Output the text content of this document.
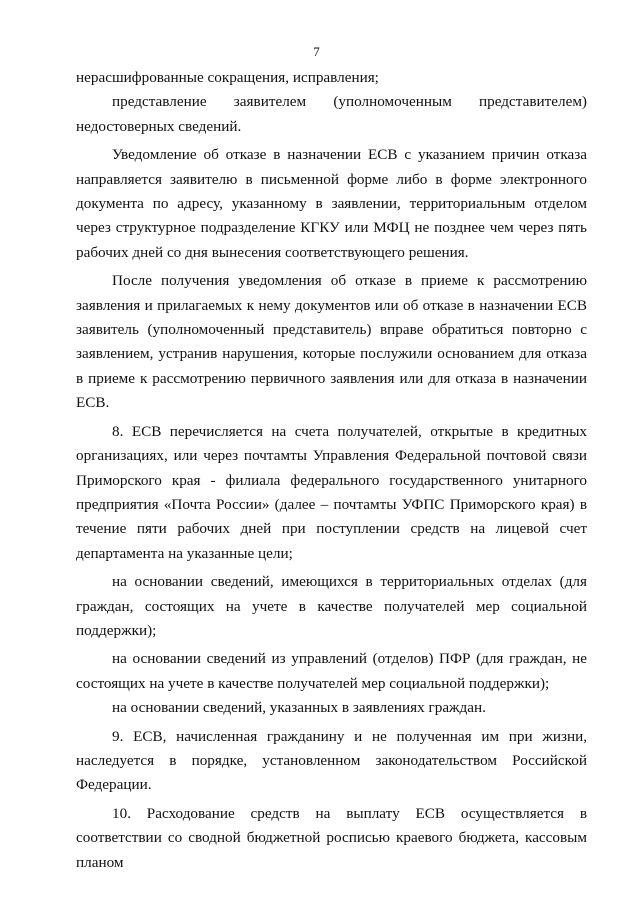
7

нерасшифрованные сокращения, исправления;

представление заявителем (уполномоченным представителем) недостоверных сведений.

Уведомление об отказе в назначении ЕСВ с указанием причин отказа направляется заявителю в письменной форме либо в форме электронного документа по адресу, указанному в заявлении, территориальным отделом через структурное подразделение КГКУ или МФЦ не позднее чем через пять рабочих дней со дня вынесения соответствующего решения.

После получения уведомления об отказе в приеме к рассмотрению заявления и прилагаемых к нему документов или об отказе в назначении ЕСВ заявитель (уполномоченный представитель) вправе обратиться повторно с заявлением, устранив нарушения, которые послужили основанием для отказа в приеме к рассмотрению первичного заявления или для отказа в назначении ЕСВ.

8. ЕСВ перечисляется на счета получателей, открытые в кредитных организациях, или через почтамты Управления Федеральной почтовой связи Приморского края - филиала федерального государственного унитарного предприятия «Почта России» (далее – почтамты УФПС Приморского края) в течение пяти рабочих дней при поступлении средств на лицевой счет департамента на указанные цели;

на основании сведений, имеющихся в территориальных отделах (для граждан, состоящих на учете в качестве получателей мер социальной поддержки);

на основании сведений из управлений (отделов) ПФР (для граждан, не состоящих на учете в качестве получателей мер социальной поддержки);

на основании сведений, указанных в заявлениях граждан.

9. ЕСВ, начисленная гражданину и не полученная им при жизни, наследуется в порядке, установленном законодательством Российской Федерации.

10. Расходование средств на выплату ЕСВ осуществляется в соответствии со сводной бюджетной росписью краевого бюджета, кассовым планом
